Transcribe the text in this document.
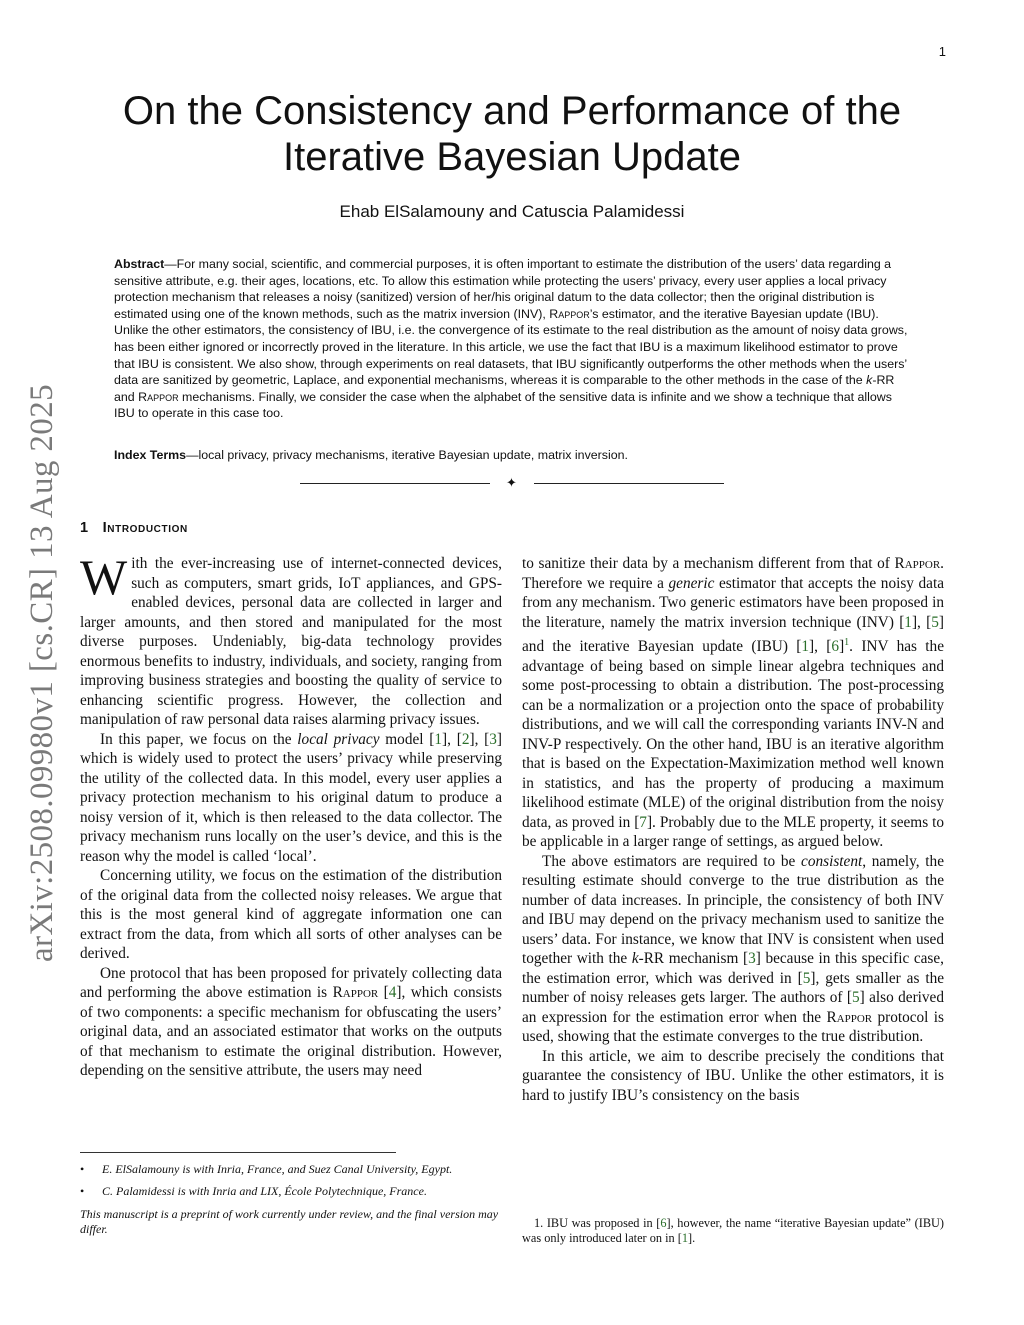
1
arXiv:2508.09980v1 [cs.CR] 13 Aug 2025
On the Consistency and Performance of the
Iterative Bayesian Update
Ehab ElSalamouny and Catuscia Palamidessi

Abstract—For many social, scientific, and commercial purposes, it is often important to estimate the distribution of the users’ data regarding a sensitive attribute, e.g. their ages, locations, etc. To allow this estimation while protecting the users’ privacy, every user applies a local privacy protection mechanism that releases a noisy (sanitized) version of her/his original datum to the data collector; then the original distribution is estimated using one of the known methods, such as the matrix inversion (INV), Rappor’s estimator, and the iterative Bayesian update (IBU). Unlike the other estimators, the consistency of IBU, i.e. the convergence of its estimate to the real distribution as the amount of noisy data grows, has been either ignored or incorrectly proved in the literature. In this article, we use the fact that IBU is a maximum likelihood estimator to prove that IBU is consistent. We also show, through experiments on real datasets, that IBU significantly outperforms the other methods when the users’ data are sanitized by geometric, Laplace, and exponential mechanisms, whereas it is comparable to the other methods in the case of the k-RR and Rappor mechanisms. Finally, we consider the case when the alphabet of the sensitive data is infinite and we show a technique that allows IBU to operate in this case too.

Index Terms—local privacy, privacy mechanisms, iterative Bayesian update, matrix inversion.

✦
1 Introduction

With the ever-increasing use of internet-connected devices, such as computers, smart grids, IoT appliances, and GPS-enabled devices, personal data are collected in larger and larger amounts, and then stored and manipulated for the most diverse purposes. Undeniably, big-data technology provides enormous benefits to industry, individuals, and society, ranging from improving business strategies and boosting the quality of service to enhancing scientific progress. However, the collection and manipulation of raw personal data raises alarming privacy issues.

In this paper, we focus on the local privacy model [1], [2], [3] which is widely used to protect the users’ privacy while preserving the utility of the collected data. In this model, every user applies a privacy protection mechanism to his original datum to produce a noisy version of it, which is then released to the data collector. The privacy mechanism runs locally on the user’s device, and this is the reason why the model is called ‘local’.

Concerning utility, we focus on the estimation of the distribution of the original data from the collected noisy releases. We argue that this is the most general kind of aggregate information one can extract from the data, from which all sorts of other analyses can be derived.

One protocol that has been proposed for privately collecting data and performing the above estimation is Rappor [4], which consists of two components: a specific mechanism for obfuscating the users’ original data, and an associated estimator that works on the outputs of that mechanism to estimate the original distribution. However, depending on the sensitive attribute, the users may need

to sanitize their data by a mechanism different from that of Rappor. Therefore we require a generic estimator that accepts the noisy data from any mechanism. Two generic estimators have been proposed in the literature, namely the matrix inversion technique (INV) [1], [5] and the iterative Bayesian update (IBU) [1], [6]$^1$. INV has the advantage of being based on simple linear algebra techniques and some post-processing to obtain a distribution. The post-processing can be a normalization or a projection onto the space of probability distributions, and we will call the corresponding variants INV-N and INV-P respectively. On the other hand, IBU is an iterative algorithm that is based on the Expectation-Maximization method well known in statistics, and has the property of producing a maximum likelihood estimate (MLE) of the original distribution from the noisy data, as proved in [7]. Probably due to the MLE property, it seems to be applicable in a larger range of settings, as argued below.

The above estimators are required to be consistent, namely, the resulting estimate should converge to the true distribution as the number of data increases. In principle, the consistency of both INV and IBU may depend on the privacy mechanism used to sanitize the users’ data. For instance, we know that INV is consistent when used together with the k-RR mechanism [3] because in this specific case, the estimation error, which was derived in [5], gets smaller as the number of noisy releases gets larger. The authors of [5] also derived an expression for the estimation error when the Rappor protocol is used, showing that the estimate converges to the true distribution.

In this article, we aim to describe precisely the conditions that guarantee the consistency of IBU. Unlike the other estimators, it is hard to justify IBU’s consistency on the basis

• E. ElSalamouny is with Inria, France, and Suez Canal University, Egypt.
• C. Palamidessi is with Inria and LIX, École Polytechnique, France.
This manuscript is a preprint of work currently under review, and the final version may differ.	1. IBU was proposed in [6], however, the name “iterative Bayesian update” (IBU) was only introduced later on in [1].
